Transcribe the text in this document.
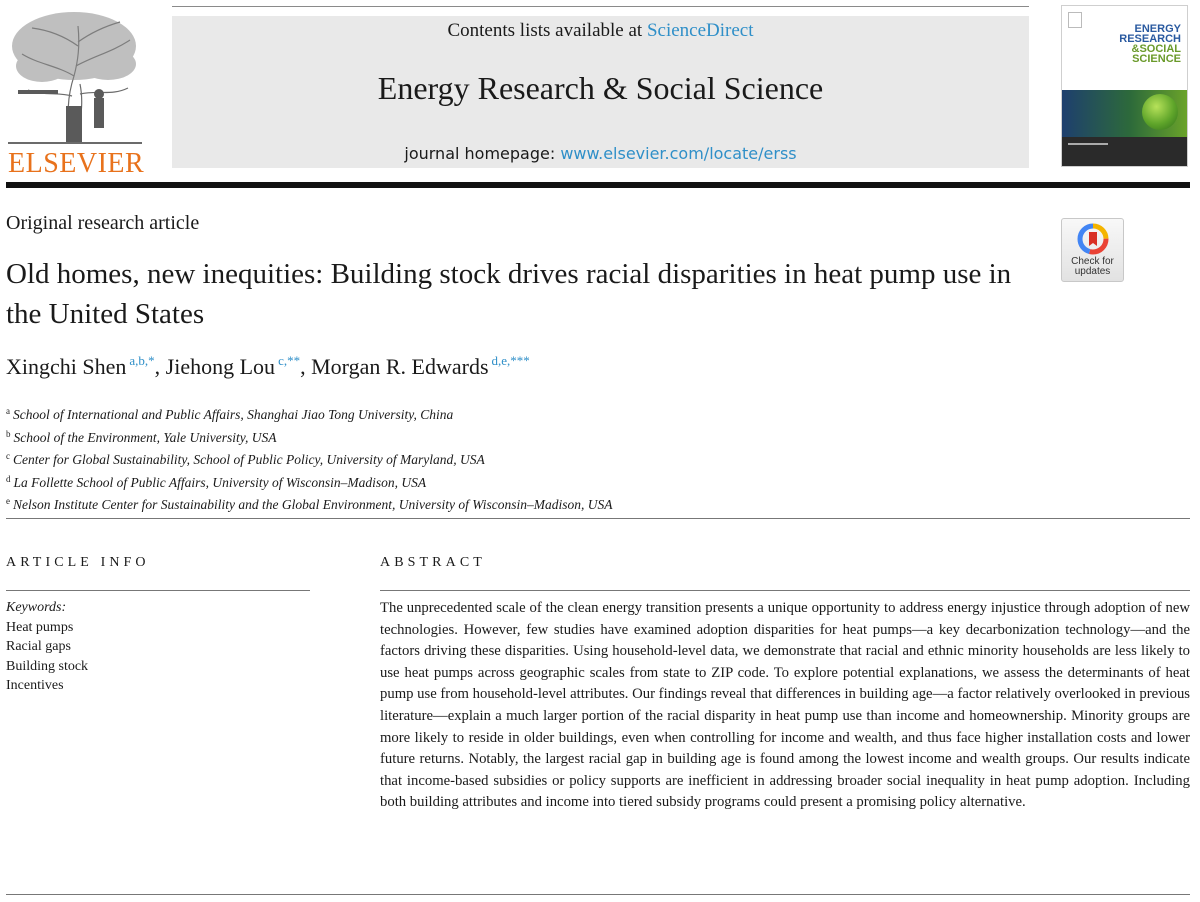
ELSEVIER
Contents lists available at ScienceDirect
Energy Research & Social Science
journal homepage: www.elsevier.com/locate/erss
ENERGY
RESEARCH
&SOCIAL
SCIENCE
Original research article
Check for
updates
Old homes, new inequities: Building stock drives racial disparities in heat pump use in the United States
Xingchi Shen $^{a,b,*}$, Jiehong Lou $^{c,**}$, Morgan R. Edwards $^{d,e,***}$
$^a$ School of International and Public Affairs, Shanghai Jiao Tong University, China
$^b$ School of the Environment, Yale University, USA
$^c$ Center for Global Sustainability, School of Public Policy, University of Maryland, USA
$^d$ La Follette School of Public Affairs, University of Wisconsin–Madison, USA
$^e$ Nelson Institute Center for Sustainability and the Global Environment, University of Wisconsin–Madison, USA
ARTICLE INFO
Keywords:
Heat pumps
Racial gaps
Building stock
Incentives
ABSTRACT
The unprecedented scale of the clean energy transition presents a unique opportunity to address energy injustice through adoption of new technologies. However, few studies have examined adoption disparities for heat pumps—a key decarbonization technology—and the factors driving these disparities. Using household-level data, we demonstrate that racial and ethnic minority households are less likely to use heat pumps across geographic scales from state to ZIP code. To explore potential explanations, we assess the determinants of heat pump use from household-level attributes. Our findings reveal that differences in building age—a factor relatively overlooked in previous literature—explain a much larger portion of the racial disparity in heat pump use than income and homeownership. Minority groups are more likely to reside in older buildings, even when controlling for income and wealth, and thus face higher installation costs and lower future returns. Notably, the largest racial gap in building age is found among the lowest income and wealth groups. Our results indicate that income-based subsidies or policy supports are inefficient in addressing broader social inequality in heat pump adoption. Including both building attributes and income into tiered subsidy programs could present a promising policy alternative.
